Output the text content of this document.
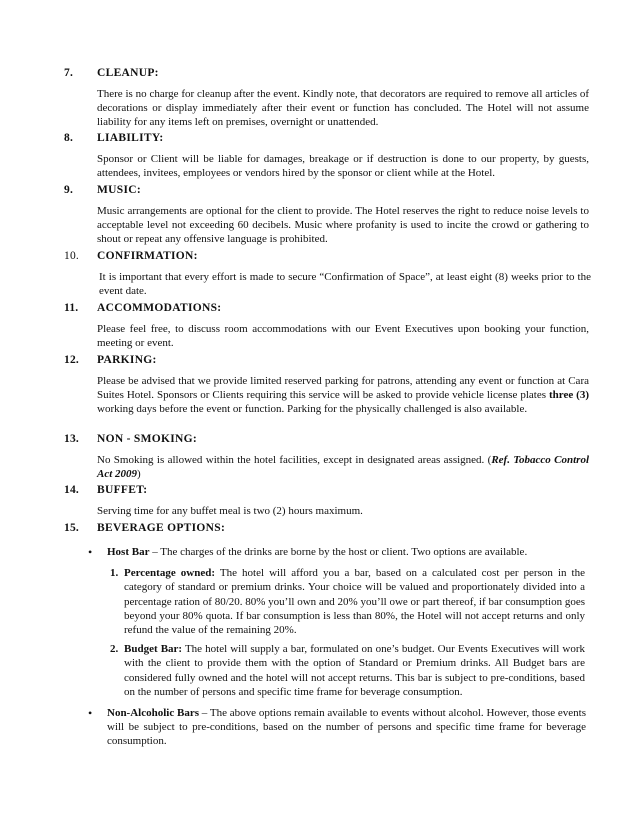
7.	CLEANUP:
There is no charge for cleanup after the event. Kindly note, that decorators are required to remove all articles of decorations or display immediately after their event or function has concluded. The Hotel will not assume liability for any items left on premises, overnight or unattended.
8.	LIABILITY:
Sponsor or Client will be liable for damages, breakage or if destruction is done to our property, by guests, attendees, invitees, employees or vendors hired by the sponsor or client while at the Hotel.
9.	MUSIC:
Music arrangements are optional for the client to provide. The Hotel reserves the right to reduce noise levels to acceptable level not exceeding 60 decibels. Music where profanity is used to incite the crowd or gathering to shout or repeat any offensive language is prohibited.
10.	CONFIRMATION:
It is important that every effort is made to secure “Confirmation of Space”, at least eight (8) weeks prior to the event date.
11.	ACCOMMODATIONS:
Please feel free, to discuss room accommodations with our Event Executives upon booking your function, meeting or event.
12.	PARKING:
Please be advised that we provide limited reserved parking for patrons, attending any event or function at Cara Suites Hotel. Sponsors or Clients requiring this service will be asked to provide vehicle license plates three (3) working days before the event or function. Parking for the physically challenged is also available.
13.	NON - SMOKING:
No Smoking is allowed within the hotel facilities, except in designated areas assigned. (Ref. Tobacco Control Act 2009)
14.	BUFFET:
Serving time for any buffet meal is two (2) hours maximum.
15.	BEVERAGE OPTIONS:
•	Host Bar – The charges of the drinks are borne by the host or client. Two options are available.
1. Percentage owned: The hotel will afford you a bar, based on a calculated cost per person in the category of standard or premium drinks. Your choice will be valued and proportionately divided into a percentage ration of 80/20. 80% you’ll own and 20% you’ll owe or part thereof, if bar consumption goes beyond your 80% quota. If bar consumption is less than 80%, the Hotel will not accept returns and only refund the value of the remaining 20%.
2. Budget Bar: The hotel will supply a bar, formulated on one’s budget. Our Events Executives will work with the client to provide them with the option of Standard or Premium drinks. All Budget bars are considered fully owned and the hotel will not accept returns. This bar is subject to pre-conditions, based on the number of persons and specific time frame for beverage consumption.
•	Non-Alcoholic Bars – The above options remain available to events without alcohol. However, those events will be subject to pre-conditions, based on the number of persons and specific time frame for beverage consumption.
